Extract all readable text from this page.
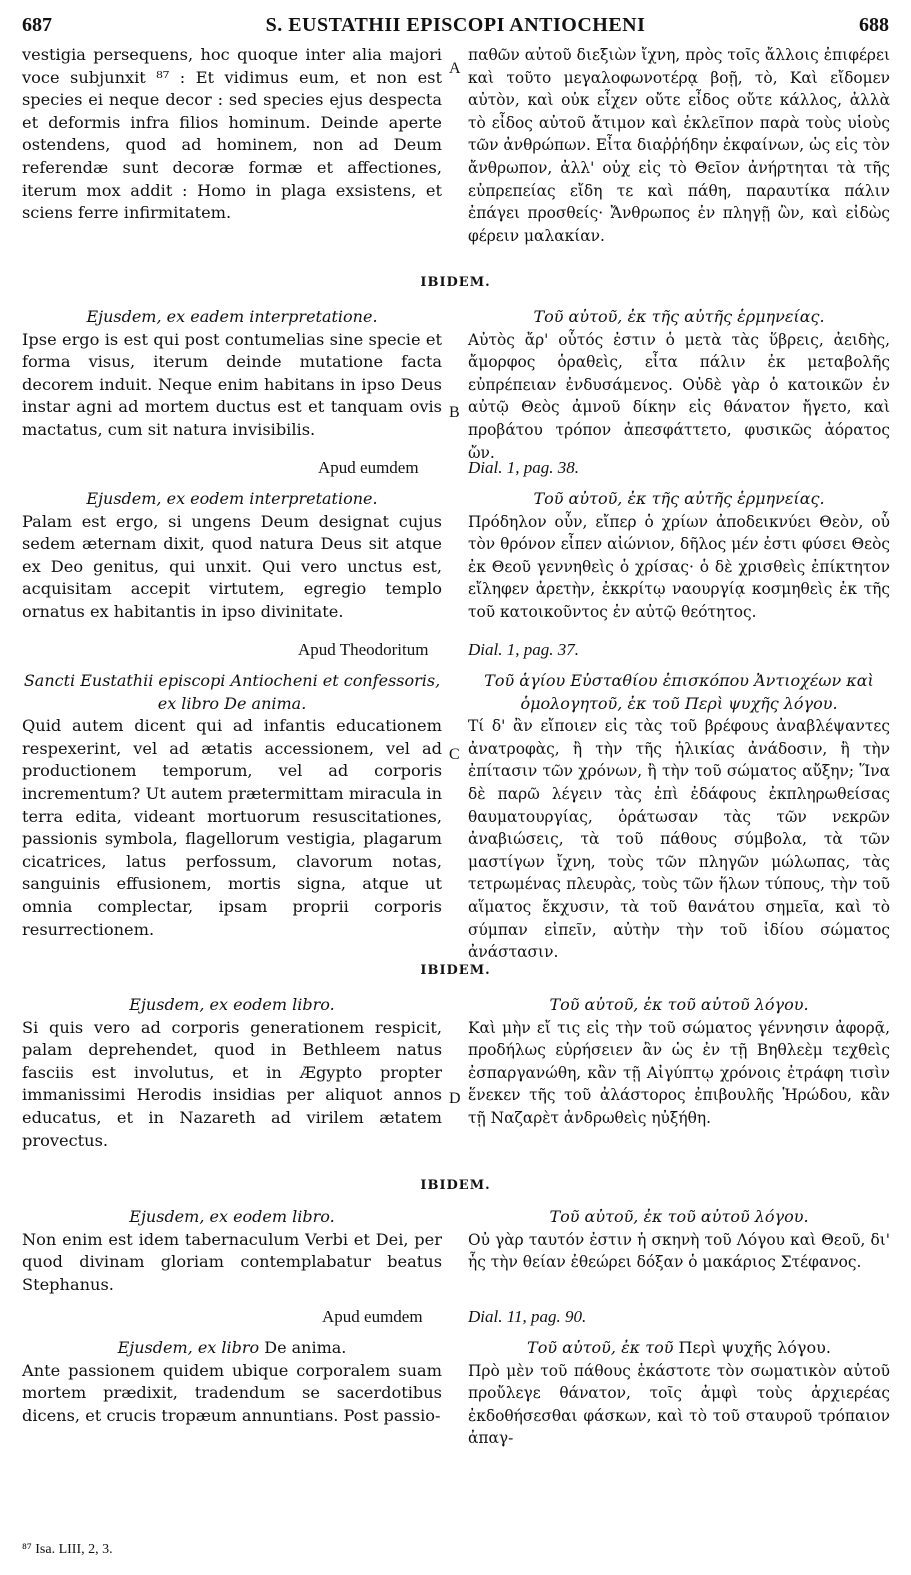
687	S. EUSTATHII EPISCOPI ANTIOCHENI	688

vestigia persequens, hoc quoque inter alia majori voce subjunxit ⁸⁷ : Et vidimus eum, et non est species ei neque decor : sed species ejus despecta et deformis infra filios hominum. Deinde aperte ostendens, quod ad hominem, non ad Deum referendæ sunt decoræ formæ et affectiones, iterum mox addit : Homo in plaga exsistens, et sciens ferre infirmitatem.

A

παθῶν αὐτοῦ διεξιὼν ἴχνη, πρὸς τοῖς ἄλλοις ἐπιφέρει καὶ τοῦτο μεγαλοφωνοτέρᾳ βοῇ, τὸ, Καὶ εἴδομεν αὐτὸν, καὶ οὐκ εἶχεν οὔτε εἶδος οὔτε κάλλος, ἀλλὰ τὸ εἶδος αὐτοῦ ἄτιμον καὶ ἐκλεῖπον παρὰ τοὺς υἱοὺς τῶν ἀνθρώπων. Εἶτα διαῤῥήδην ἐκφαίνων, ὡς εἰς τὸν ἄνθρωπον, ἀλλ' οὐχ εἰς τὸ Θεῖον ἀνήρτηται τὰ τῆς εὐπρεπείας εἴδη τε καὶ πάθη, παραυτίκα πάλιν ἐπάγει προσθείς· Ἄνθρωπος ἐν πληγῇ ὢν, καὶ εἰδὼς φέρειν μαλακίαν.

IBIDEM.

Ejusdem, ex eadem interpretatione.

Ipse ergo is est qui post contumelias sine specie et forma visus, iterum deinde mutatione facta decorem induit. Neque enim habitans in ipso Deus instar agni ad mortem ductus est et tanquam ovis mactatus, cum sit natura invisibilis.

B

Τοῦ αὐτοῦ, ἐκ τῆς αὐτῆς ἑρμηνείας.

Αὐτὸς ἄρ' οὗτός ἐστιν ὁ μετὰ τὰς ὕβρεις, ἀειδὴς, ἄμορφος ὁραθεὶς, εἶτα πάλιν ἐκ μεταβολῆς εὐπρέπειαν ἐνδυσάμενος. Οὐδὲ γὰρ ὁ κατοικῶν ἐν αὐτῷ Θεὸς ἀμνοῦ δίκην εἰς θάνατον ἤγετο, καὶ προβάτου τρόπον ἀπεσφάττετο, φυσικῶς ἀόρατος ὤν.

Apud eumdem	Dial. 1, pag. 38.

Ejusdem, ex eodem interpretatione.

Palam est ergo, si ungens Deum designat cujus sedem æternam dixit, quod natura Deus sit atque ex Deo genitus, qui unxit. Qui vero unctus est, acquisitam accepit virtutem, egregio templo ornatus ex habitantis in ipso divinitate.

Τοῦ αὐτοῦ, ἐκ τῆς αὐτῆς ἑρμηνείας.

Πρόδηλον οὖν, εἴπερ ὁ χρίων ἀποδεικνύει Θεὸν, οὗ τὸν θρόνον εἶπεν αἰώνιον, δῆλος μέν ἐστι φύσει Θεὸς ἐκ Θεοῦ γεννηθεὶς ὁ χρίσας· ὁ δὲ χρισθεὶς ἐπίκτητον εἴληφεν ἀρετὴν, ἐκκρίτῳ ναουργίᾳ κοσμηθεὶς ἐκ τῆς τοῦ κατοικοῦντος ἐν αὐτῷ θεότητος.

Apud Theodoritum Dial. 1, pag. 37.

Sancti Eustathii episcopi Antiocheni et confessoris,

ex libro De anima.

Quid autem dicent qui ad infantis educationem respexerint, vel ad ætatis accessionem, vel ad productionem temporum, vel ad corporis incrementum? Ut autem prætermittam miracula in terra edita, videant mortuorum resuscitationes, passionis symbola, flagellorum vestigia, plagarum cicatrices, latus perfossum, clavorum notas, sanguinis effusionem, mortis signa, atque ut omnia complectar, ipsam proprii corporis resurrectionem.

C

Τοῦ ἁγίου Εὐσταθίου ἐπισκόπου Ἀντιοχέων καὶ

ὁμολογητοῦ, ἐκ τοῦ Περὶ ψυχῆς λόγου.

Τί δ' ἂν εἴποιεν εἰς τὰς τοῦ βρέφους ἀναβλέψαντες ἀνατροφὰς, ἢ τὴν τῆς ἡλικίας ἀνάδοσιν, ἢ τὴν ἐπίτασιν τῶν χρόνων, ἢ τὴν τοῦ σώματος αὔξην; Ἵνα δὲ παρῶ λέγειν τὰς ἐπὶ ἐδάφους ἐκπληρωθείσας θαυματουργίας, ὁράτωσαν τὰς τῶν νεκρῶν ἀναβιώσεις, τὰ τοῦ πάθους σύμβολα, τὰ τῶν μαστίγων ἴχνη, τοὺς τῶν πληγῶν μώλωπας, τὰς τετρωμένας πλευρὰς, τοὺς τῶν ἥλων τύπους, τὴν τοῦ αἵματος ἔκχυσιν, τὰ τοῦ θανάτου σημεῖα, καὶ τὸ σύμπαν εἰπεῖν, αὐτὴν τὴν τοῦ ἰδίου σώματος ἀνάστασιν.

IBIDEM.

Ejusdem, ex eodem libro.

Si quis vero ad corporis generationem respicit, palam deprehendet, quod in Bethleem natus fasciis est involutus, et in Ægypto propter immanissimi Herodis insidias per aliquot annos educatus, et in Nazareth ad virilem ætatem provectus.

D

Τοῦ αὐτοῦ, ἐκ τοῦ αὐτοῦ λόγου.

Καὶ μὴν εἴ τις εἰς τὴν τοῦ σώματος γέννησιν ἀφορᾷ, προδήλως εὑρήσειεν ἂν ὡς ἐν τῇ Βηθλεὲμ τεχθεὶς ἐσπαργανώθη, κἂν τῇ Αἰγύπτῳ χρόνοις ἐτράφη τισὶν ἕνεκεν τῆς τοῦ ἀλάστορος ἐπιβουλῆς Ἡρώδου, κἂν τῇ Ναζαρὲτ ἀνδρωθεὶς ηὐξήθη.

IBIDEM.

Ejusdem, ex eodem libro.

Non enim est idem tabernaculum Verbi et Dei, per quod divinam gloriam contemplabatur beatus Stephanus.

Τοῦ αὐτοῦ, ἐκ τοῦ αὐτοῦ λόγου.

Οὐ γὰρ ταυτόν ἐστιν ἡ σκηνὴ τοῦ Λόγου καὶ Θεοῦ, δι' ἧς τὴν θείαν ἐθεώρει δόξαν ὁ μακάριος Στέφανος.

Apud eumdem	Dial. 11, pag. 90.

Ejusdem, ex libro De anima.

Ante passionem quidem ubique corporalem suam mortem prædixit, tradendum se sacerdotibus dicens, et crucis tropæum annuntians. Post passio-

Τοῦ αὐτοῦ, ἐκ τοῦ Περὶ ψυχῆς λόγου.

Πρὸ μὲν τοῦ πάθους ἑκάστοτε τὸν σωματικὸν αὐτοῦ προὔλεγε θάνατον, τοῖς ἀμφὶ τοὺς ἀρχιερέας ἐκδοθήσεσθαι φάσκων, καὶ τὸ τοῦ σταυροῦ τρόπαιον ἀπαγ-

⁸⁷ Isa. LIII, 2, 3.
